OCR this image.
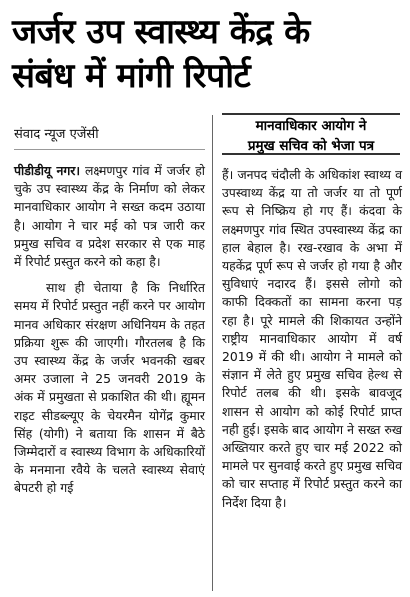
जर्जर उप स्वास्थ्य केंद्र के
संबंध में मांगी रिपोर्ट
संवाद न्यूज एजेंसी
मानवाधिकार आयोग ने
प्रमुख सचिव को भेजा पत्र

पीडीडीयू नगर। लक्ष्मणपुर गांव में जर्जर हो चुके उप स्वास्थ्य केंद्र के निर्माण को लेकर मानवाधिकार आयोग ने सख्त कदम उठाया है। आयोग ने चार मई को पत्र जारी कर प्रमुख सचिव व प्रदेश सरकार से एक माह में रिपोर्ट प्रस्तुत करने को कहा है।

साथ ही चेताया है कि निर्धारित समय में रिपोर्ट प्रस्तुत नहीं करने पर आयोग मानव अधिकार संरक्षण अधिनियम के तहत प्रक्रिया शुरू की जाएगी। गौरतलब है कि उप स्वास्थ्य केंद्र के जर्जर भवनकी खबर अमर उजाला ने 25 जनवरी 2019 के अंक में प्रमुखता से प्रकाशित की थी। ह्यूमन राइट सीडब्ल्यूए के चेयरमैन योगेंद्र कुमार सिंह (योगी) ने बताया कि शासन में बैठे जिम्मेदारों व स्वास्थ्य विभाग के अधिकारियों के मनमाना रवैये के चलते स्वास्थ्य सेवाएं बेपटरी हो गई

हैं। जनपद चंदौली के अधिकांश स्वाथ्य व उपस्वाथ्य केंद्र या तो जर्जर या तो पूर्ण रूप से निष्क्रिय हो गए हैं। कंदवा के लक्ष्मणपुर गांव स्थित उपस्वास्थ्य केंद्र का हाल बेहाल है। रख-रखाव के अभा में यहकेंद्र पूर्ण रूप से जर्जर हो गया है और सुविधाएं नदारद हैं। इससे लोगो को काफी दिक्कतों का सामना करना पड़ रहा है। पूरे मामले की शिकायत उन्होंने राष्ट्रीय मानवाधिकार आयोग में वर्ष 2019 में की थी। आयोग ने मामले को संज्ञान में लेते हुए प्रमुख सचिव हेल्थ से रिपोर्ट तलब की थी। इसके बावजूद शासन से आयोग को कोई रिपोर्ट प्राप्त नही हुई। इसके बाद आयोग ने सख्त रुख अख्तियार करते हुए चार मई 2022 को मामले पर सुनवाई करते हुए प्रमुख सचिव को चार सप्ताह में रिपोर्ट प्रस्तुत करने का निर्देश दिया है।
